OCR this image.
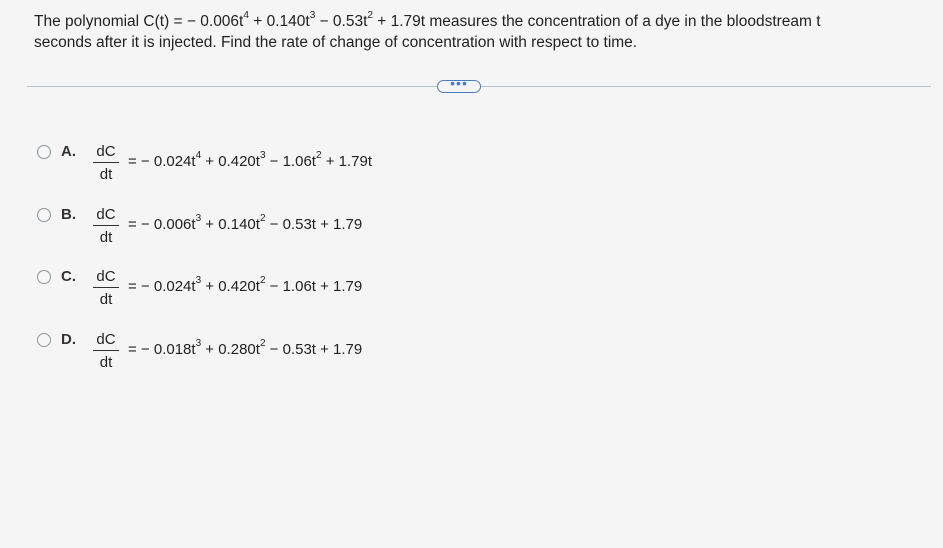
The polynomial C(t) = − $0.006t^4 + 0.140t^3 - 0.53t^2 + 1.79t$ measures the concentration of a dye in the bloodstream t
seconds after it is injected. Find the rate of change of concentration with respect to time.
•••
A. dC
dt
= − $0.024t^4 + 0.420t^3 - 1.06t^2 + 1.79t$
B. dC
dt
= − $0.006t^3 + 0.140t^2 - 0.53t + 1.79$
C. dC
dt
= − $0.024t^3 + 0.420t^2 - 1.06t + 1.79$
D. dC
dt
= − $0.018t^3 + 0.280t^2 - 0.53t + 1.79$
